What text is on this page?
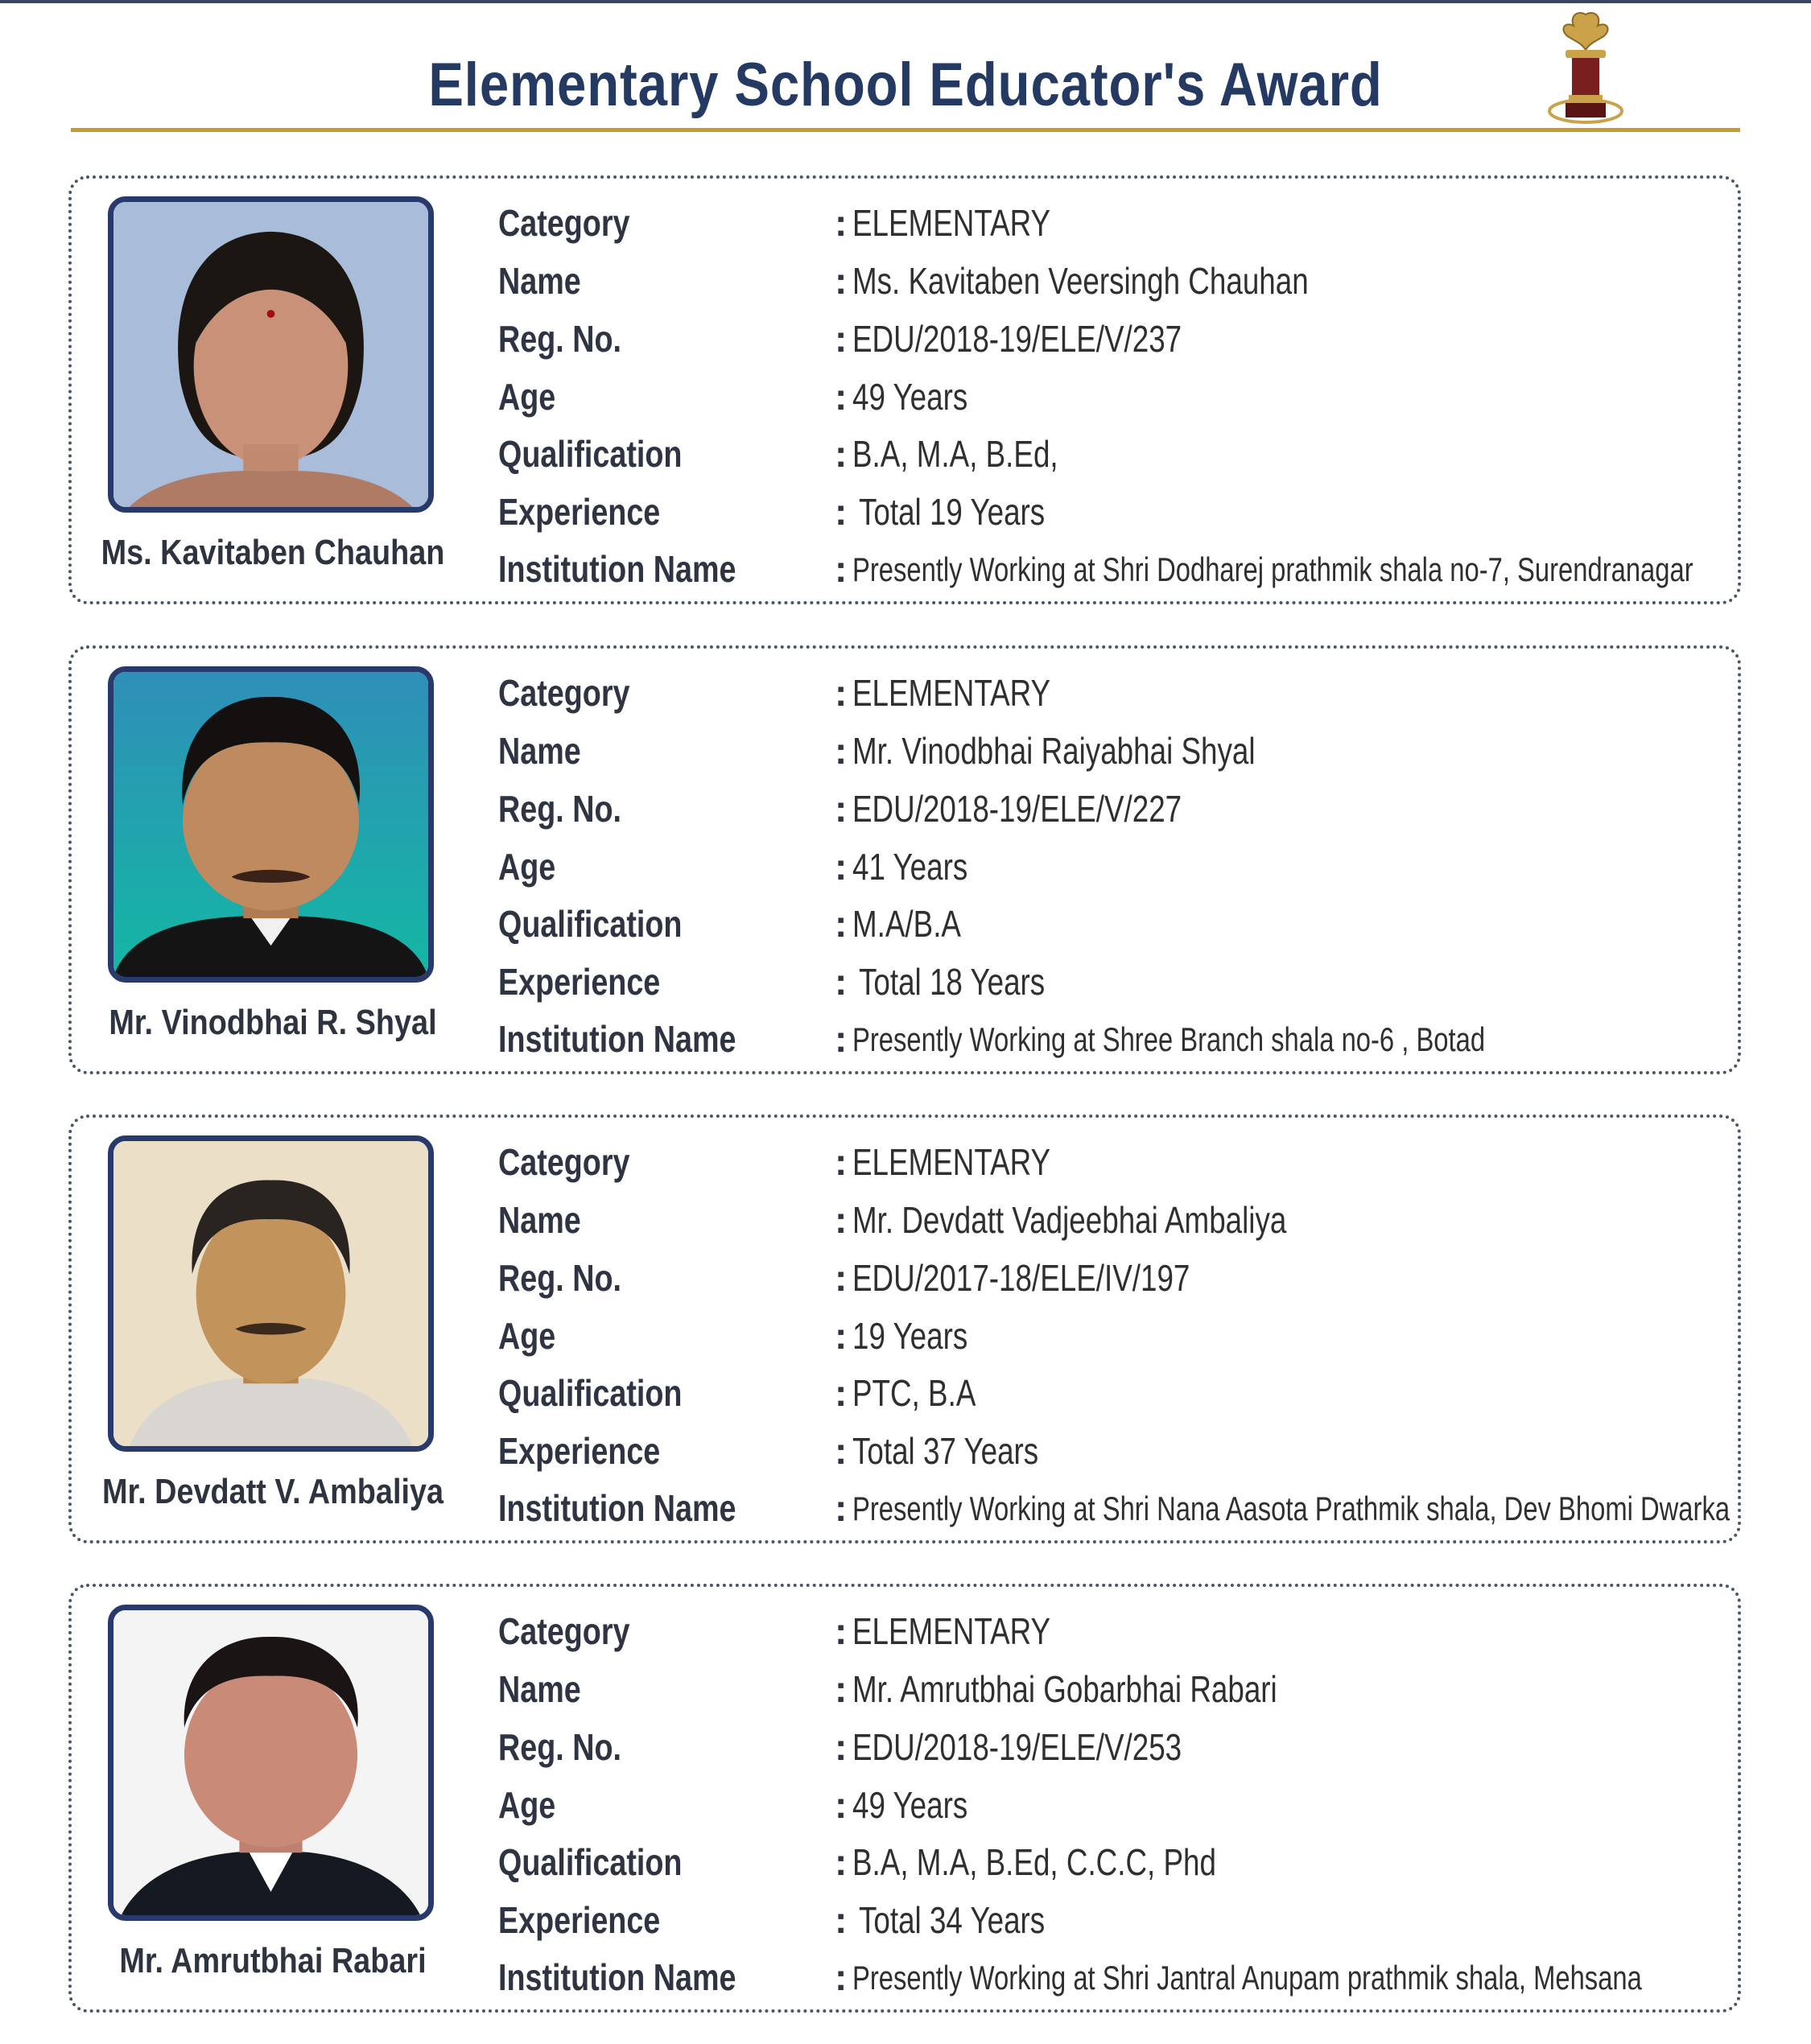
Elementary School Educator's Award
Ms. Kavitaben Chauhan
Category	: ELEMENTARY
Name	: Ms. Kavitaben Veersingh Chauhan
Reg. No.	: EDU/2018-19/ELE/V/237
Age	: 49 Years
Qualification	: B.A, M.A, B.Ed,
Experience	: Total 19 Years
Institution Name	: Presently Working at Shri Dodharej prathmik shala no-7, Surendranagar
Mr. Vinodbhai R. Shyal
Category	: ELEMENTARY
Name	: Mr. Vinodbhai Raiyabhai Shyal
Reg. No.	: EDU/2018-19/ELE/V/227
Age	: 41 Years
Qualification	: M.A/B.A
Experience	: Total 18 Years
Institution Name	: Presently Working at Shree Branch shala no-6 , Botad
Mr. Devdatt V. Ambaliya
Category	: ELEMENTARY
Name	: Mr. Devdatt Vadjeebhai Ambaliya
Reg. No.	: EDU/2017-18/ELE/IV/197
Age	: 19 Years
Qualification	: PTC, B.A
Experience	: Total 37 Years
Institution Name	: Presently Working at Shri Nana Aasota Prathmik shala, Dev Bhomi Dwarka
Mr. Amrutbhai Rabari
Category	: ELEMENTARY
Name	: Mr. Amrutbhai Gobarbhai Rabari
Reg. No.	: EDU/2018-19/ELE/V/253
Age	: 49 Years
Qualification	: B.A, M.A, B.Ed, C.C.C, Phd
Experience	: Total 34 Years
Institution Name	: Presently Working at Shri Jantral Anupam prathmik shala, Mehsana
